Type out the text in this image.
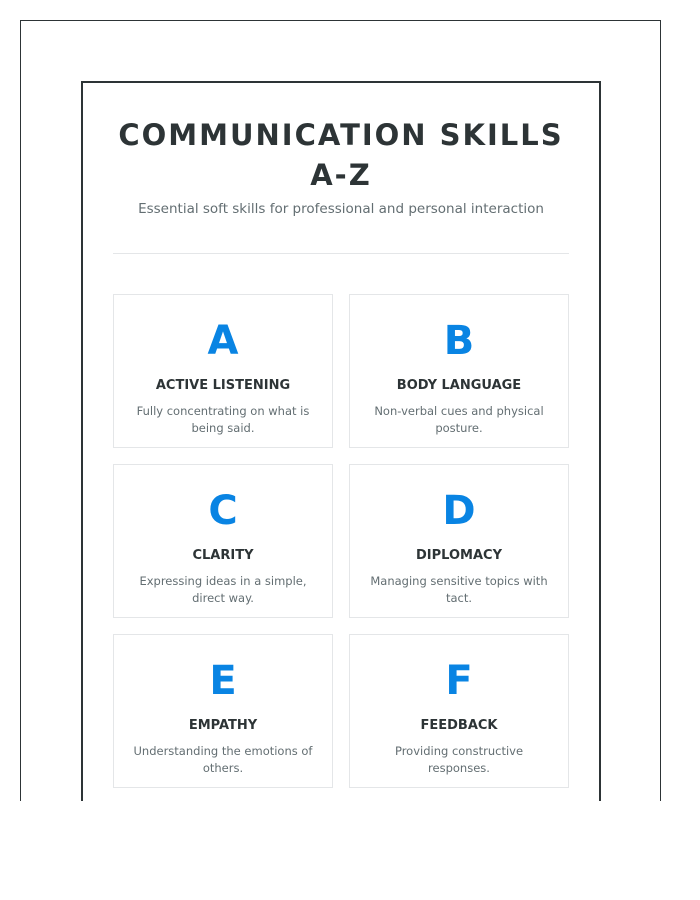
COMMUNICATION SKILLS A-Z

Essential soft skills for professional and personal interaction

A
ACTIVE LISTENING
Fully concentrating on what is being said.
B
BODY LANGUAGE
Non-verbal cues and physical posture.
C
CLARITY
Expressing ideas in a simple, direct way.
D
DIPLOMACY
Managing sensitive topics with tact.
E
EMPATHY
Understanding the emotions of others.
F
FEEDBACK
Providing constructive responses.
